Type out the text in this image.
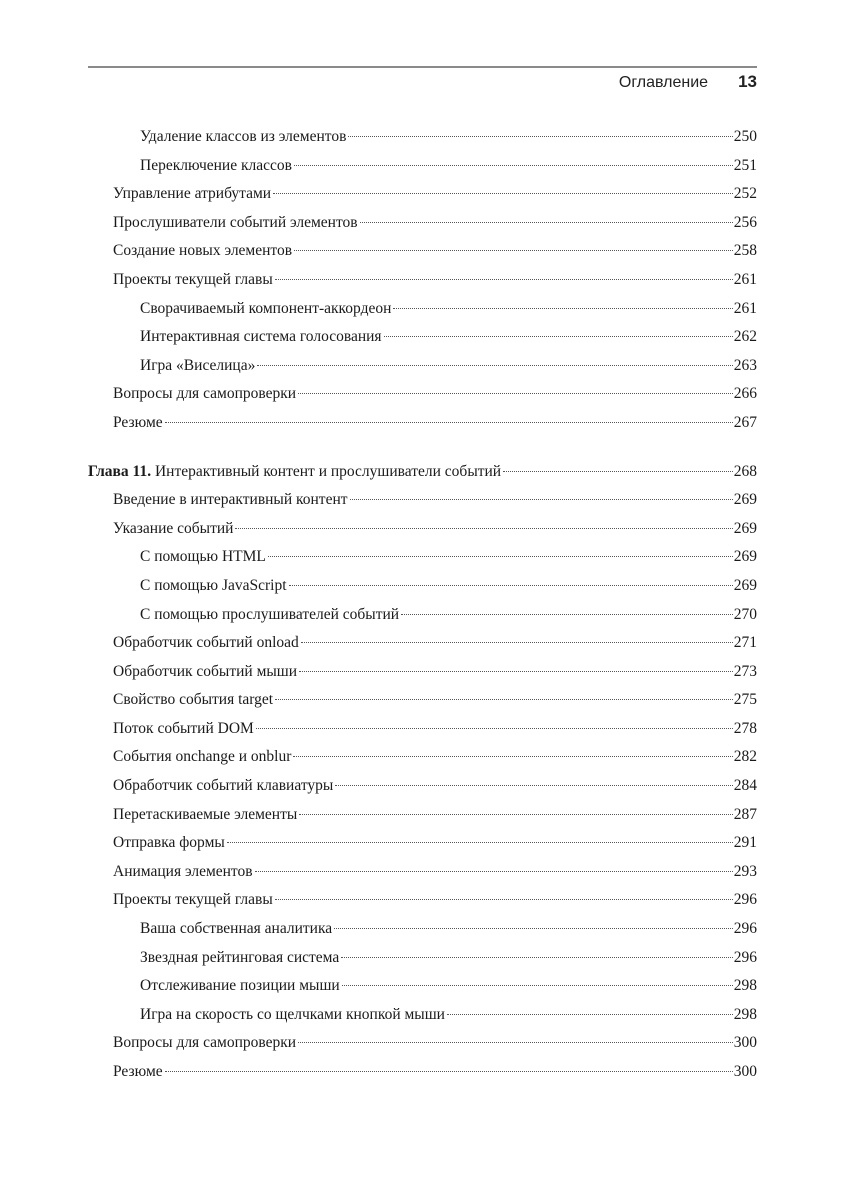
Оглавление 13
Удаление классов из элементов	250
Переключение классов	251
Управление атрибутами	252
Прослушиватели событий элементов	256
Создание новых элементов	258
Проекты текущей главы	261
Сворачиваемый компонент-аккордеон	261
Интерактивная система голосования	262
Игра «Виселица»	263
Вопросы для самопроверки	266
Резюме	267
Глава 11. Интерактивный контент и прослушиватели событий	268
Введение в интерактивный контент	269
Указание событий	269
С помощью HTML	269
С помощью JavaScript	269
С помощью прослушивателей событий	270
Обработчик событий onload	271
Обработчик событий мыши	273
Свойство события target	275
Поток событий DOM	278
События onchange и onblur	282
Обработчик событий клавиатуры	284
Перетаскиваемые элементы	287
Отправка формы	291
Анимация элементов	293
Проекты текущей главы	296
Ваша собственная аналитика	296
Звездная рейтинговая система	296
Отслеживание позиции мыши	298
Игра на скорость со щелчками кнопкой мыши	298
Вопросы для самопроверки	300
Резюме	300
